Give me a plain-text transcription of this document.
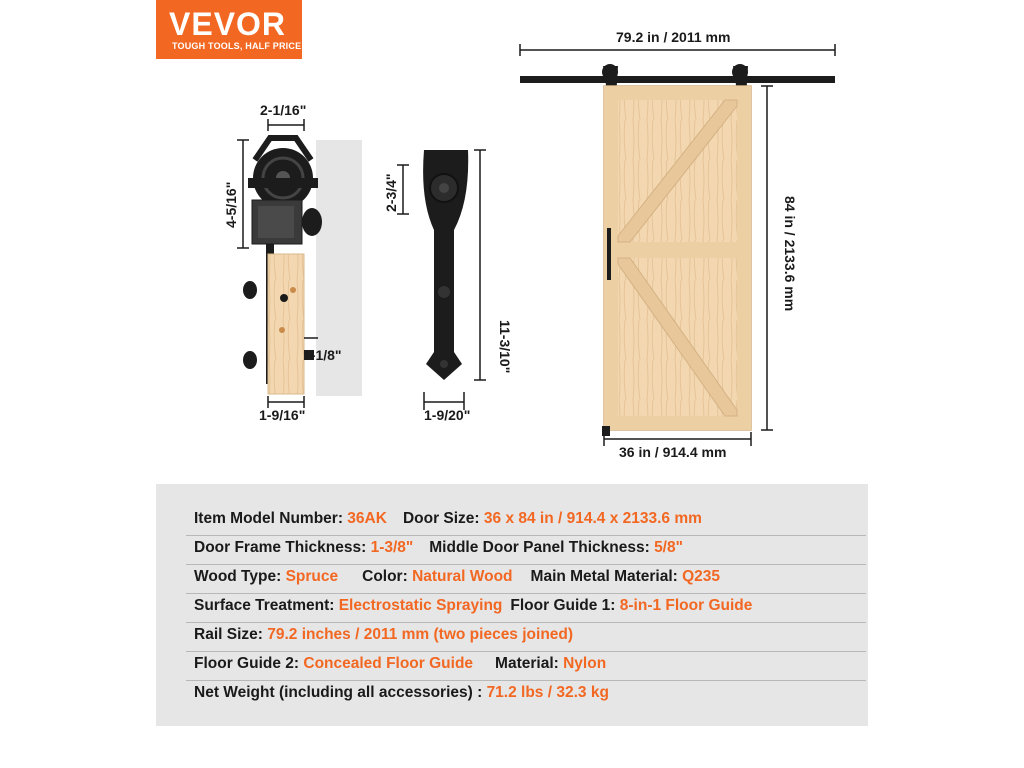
VEVOR
TOUGH TOOLS, HALF PRICE
2-1/16"
4-5/16"
1-1/8"
1-9/16"
2-3/4"
11-3/10"
1-9/20"
79.2 in / 2011 mm
84 in / 2133.6 mm
36 in / 914.4 mm
Item Model Number: 36AK Door Size: 36 x 84 in / 914.4 x 2133.6 mm
Door Frame Thickness: 1-3/8" Middle Door Panel Thickness: 5/8"
Wood Type: Spruce Color: Natural Wood Main Metal Material: Q235
Surface Treatment: Electrostatic Spraying Floor Guide 1: 8-in-1 Floor Guide
Rail Size: 79.2 inches / 2011 mm (two pieces joined)
Floor Guide 2: Concealed Floor Guide Material: Nylon
Net Weight (including all accessories) : 71.2 lbs / 32.3 kg
